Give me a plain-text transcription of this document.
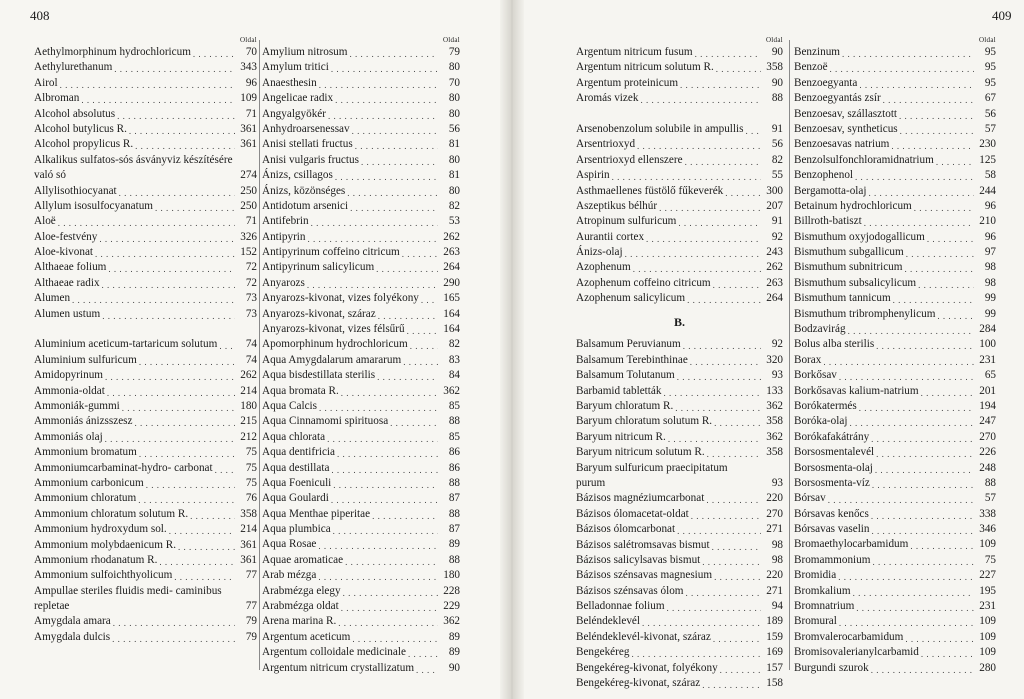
408
Oldal
Aethylmorphinum hydrochloricum . . .	70
Aethylurethanum . . .	343
Airol . . .	96
Albroman . . .	109
Alcohol absolutus . . .	71
Alcohol butylicus R. . . .	361
Alcohol propylicus R. . . .	361
Alkalikus sulfatos-sós ásványviz készítésére való só	274
Allylisothiocyanat . . .	250
Allylum isosulfocyanatum . . .	250
Aloë . . .	71
Aloe-festvény . . .	326
Aloe-kivonat . . .	152
Althaeae folium . . .	72
Althaeae radix . . .	72
Alumen . . .	73
Alumen ustum . . .	73
Aluminium aceticum-tartaricum solutum . . .	74
Aluminium sulfuricum . . .	74
Amidopyrinum . . .	262
Ammonia-oldat . . .	214
Ammoniák-gummi . . .	180
Ammoniás ánizsszesz . . .	215
Ammoniás olaj . . .	212
Ammonium bromatum . . .	75
Ammoniumcarbaminat-hydro- carbonat . . .	75
Ammonium carbonicum . . .	75
Ammonium chloratum . . .	76
Ammonium chloratum solutum R. . . .	358
Ammonium hydroxydum sol. . . .	214
Ammonium molybdaenicum R. . . .	361
Ammonium rhodanatum R. . . .	361
Ammonium sulfoichthyolicum . . .	77
Ampullae steriles fluidis medi- caminibus repletae	77
Amygdala amara . . .	79
Amygdala dulcis . . .	79
Oldal
Amylium nitrosum . . .	79
Amylum tritici . . .	80
Anaesthesin . . .	70
Angelicae radix . . .	80
Angyalgyökér . . .	80
Anhydroarsenessav . . .	56
Anisi stellati fructus . . .	81
Anisi vulgaris fructus . . .	80
Ánizs, csillagos . . .	81
Ánizs, közönséges . . .	80
Antidotum arsenici . . .	82
Antifebrin . . .	53
Antipyrin . . .	262
Antipyrinum coffeino citricum . . .	263
Antipyrinum salicylicum . . .	264
Anyarozs . . .	290
Anyarozs-kivonat, vizes folyékony . . . 165
Anyarozs-kivonat, száraz . . .	164
Anyarozs-kivonat, vizes félsűrű . . .	164
Apomorphinum hydrochloricum . . .	82
Aqua Amygdalarum amararum . . .	83
Aqua bisdestillata sterilis . . .	84
Aqua bromata R. . . .	362
Aqua Calcis . . .	85
Aqua Cinnamomi spirituosa . . .	88
Aqua chlorata . . .	85
Aqua dentifricia . . .	86
Aqua destillata . . .	86
Aqua Foeniculi . . .	88
Aqua Goulardi . . .	87
Aqua Menthae piperitae . . .	88
Aqua plumbica . . .	87
Aqua Rosae . . .	89
Aquae aromaticae . . .	88
Arab mézga . . .	180
Arabmézga elegy . . .	228
Arabmézga oldat . . .	229
Arena marina R. . . .	362
Argentum aceticum . . .	89
Argentum colloidale medicinale . . .	89
Argentum nitricum crystallizatum . . .	90
409
Oldal
Argentum nitricum fusum . . .	90
Argentum nitricum solutum R. . . .	358
Argentum proteinicum . . .	90
Aromás vizek . . .	88
Arsenobenzolum solubile in ampullis . . .	91
Arsentrioxyd . . .	56
Arsentrioxyd ellenszere . . .	82
Aspirin . . .	55
Asthmaellenes füstölő fűkeverék . . .	300
Aszeptikus bélhúr . . .	207
Atropinum sulfuricum . . .	91
Aurantii cortex . . .	92
Ánizs-olaj . . .	243
Azophenum . . .	262
Azophenum coffeino citricum . . .	263
Azophenum salicylicum . . .	264
B.
Balsamum Peruvianum . . .	92
Balsamum Terebinthinae . . .	320
Balsamum Tolutanum . . .	93
Barbamid tabletták . . .	133
Baryum chloratum R. . . .	362
Baryum chloratum solutum R. . . .	358
Baryum nitricum R. . . .	362
Baryum nitricum solutum R. . . .	358
Baryum sulfuricum praecipitatum purum	93
Bázisos magnéziumcarbonat . . .	220
Bázisos ólomacetat-oldat . . .	270
Bázisos ólomcarbonat . . .	271
Bázisos salétromsavas bismut . . .	98
Bázisos salicylsavas bismut . . .	98
Bázisos szénsavas magnesium . . .	220
Bázisos szénsavas ólom . . .	271
Belladonnae folium . . .	94
Beléndeklevél . . .	189
Beléndeklevél-kivonat, száraz . . .	159
Bengekéreg . . .	169
Bengekéreg-kivonat, folyékony . . .	157
Bengekéreg-kivonat, száraz . . .	158
Oldal
Benzinum . . .	95
Benzoë . . .	95
Benzoegyanta . . .	95
Benzoegyantás zsír . . .	67
Benzoesav, szállasztott . . .	56
Benzoesav, syntheticus . . .	57
Benzoesavas natrium . . .	230
Benzolsulfonchloramidnatrium . . .	125
Benzophenol . . .	58
Bergamotta-olaj . . .	244
Betainum hydrochloricum . . .	96
Billroth-batiszt . . .	210
Bismuthum oxyjodogallicum . . .	96
Bismuthum subgallicum . . .	97
Bismuthum subnitricum . . .	98
Bismuthum subsalicylicum . . .	98
Bismuthum tannicum . . .	99
Bismuthum tribromphenylicum . . .	99
Bodzavirág . . .	284
Bolus alba sterilis . . .	100
Borax . . .	231
Borkősav . . .	65
Borkősavas kalium-natrium . . .	201
Borókatermés . . .	194
Boróka-olaj . . .	247
Borókafakátrány . . .	270
Borsosmentalevél . . .	226
Borsosmenta-olaj . . .	248
Borsosmenta-víz . . .	88
Bórsav . . .	57
Bórsavas kenőcs . . .	338
Bórsavas vaselin . . .	346
Bromaethylocarbamidum . . .	109
Bromammonium . . .	75
Bromidia . . .	227
Bromkalium . . .	195
Bromnatrium . . .	231
Bromural . . .	109
Bromvalerocarbamidum . . .	109
Bromisovalerianylcarbamid . . .	109
Burgundi szurok . . .	280
